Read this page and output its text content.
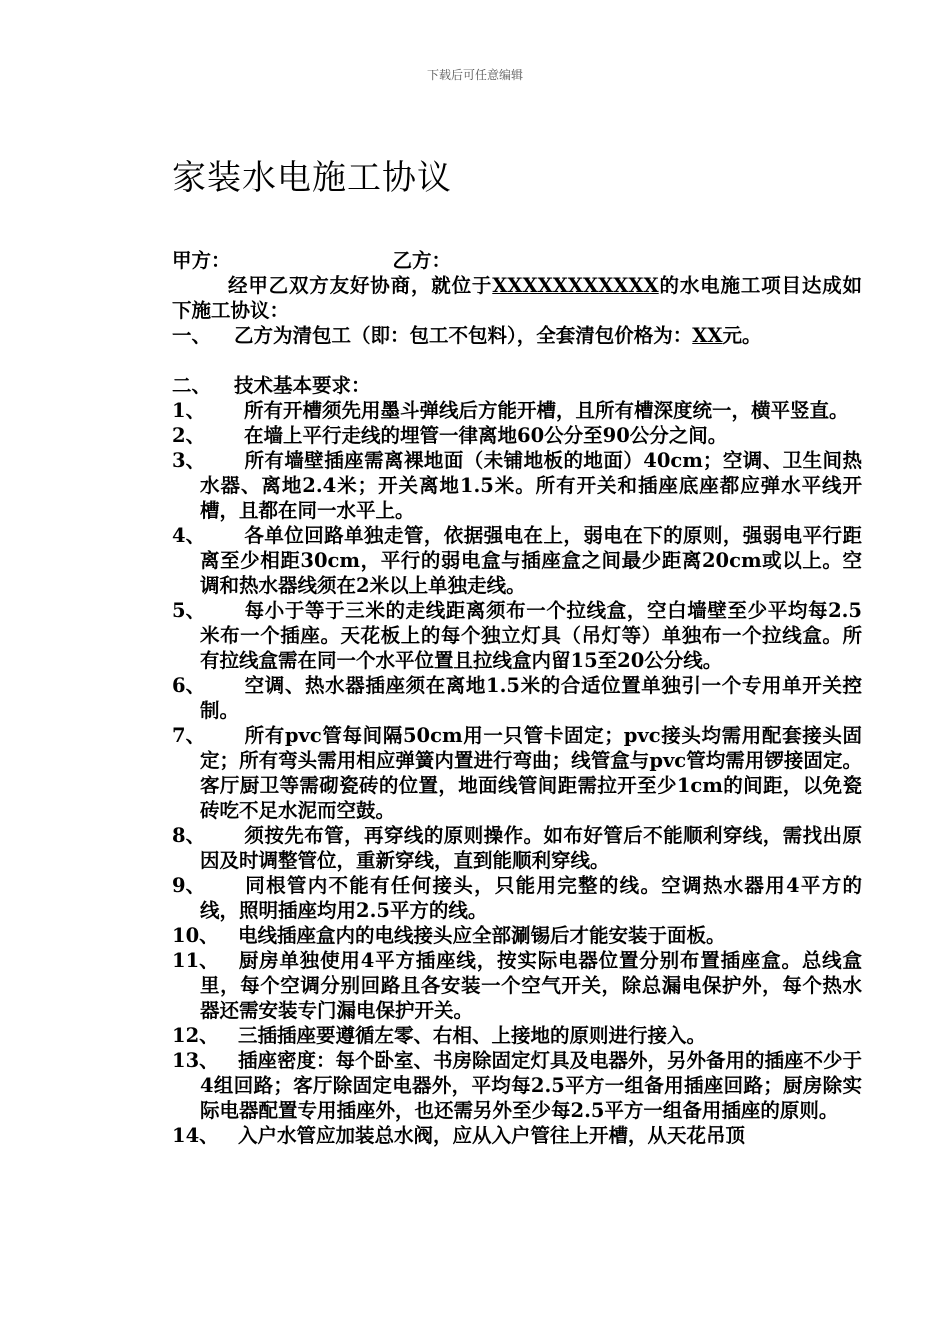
下载后可任意编辑
家装水电施工协议
甲方：	乙方：
经甲乙双方友好协商，就位于XXXXXXXXXXX的水电施工项目达成如下施工协议：
一、	乙方为清包工（即：包工不包料），全套清包价格为：XX元。
二、	技术基本要求：
1、 所有开槽须先用墨斗弹线后方能开槽，且所有槽深度统一，横平竖直。
2、 在墙上平行走线的埋管一律离地60公分至90公分之间。
3、 所有墙壁插座需离裸地面（未铺地板的地面）40cm；空调、卫生间热水器、离地2.4米；开关离地1.5米。所有开关和插座底座都应弹水平线开槽，且都在同一水平上。
4、 各单位回路单独走管，依据强电在上，弱电在下的原则，强弱电平行距离至少相距30cm，平行的弱电盒与插座盒之间最少距离20cm或以上。空调和热水器线须在2米以上单独走线。
5、 每小于等于三米的走线距离须布一个拉线盒，空白墙壁至少平均每2.5米布一个插座。天花板上的每个独立灯具（吊灯等）单独布一个拉线盒。所有拉线盒需在同一个水平位置且拉线盒内留15至20公分线。
6、 空调、热水器插座须在离地1.5米的合适位置单独引一个专用单开关控制。
7、 所有pvc管每间隔50cm用一只管卡固定；pvc接头均需用配套接头固定；所有弯头需用相应弹簧内置进行弯曲；线管盒与pvc管均需用锣接固定。客厅厨卫等需砌瓷砖的位置，地面线管间距需拉开至少1cm的间距，以免瓷砖吃不足水泥而空鼓。
8、 须按先布管，再穿线的原则操作。如布好管后不能顺利穿线，需找出原因及时调整管位，重新穿线，直到能顺利穿线。
9、 同根管内不能有任何接头，只能用完整的线。空调热水器用4平方的线，照明插座均用2.5平方的线。
10、 电线插座盒内的电线接头应全部涮锡后才能安装于面板。
11、 厨房单独使用4平方插座线，按实际电器位置分别布置插座盒。总线盒里，每个空调分别回路且各安装一个空气开关，除总漏电保护外，每个热水器还需安装专门漏电保护开关。
12、 三插插座要遵循左零、右相、上接地的原则进行接入。
13、 插座密度：每个卧室、书房除固定灯具及电器外，另外备用的插座不少于4组回路；客厅除固定电器外，平均每2.5平方一组备用插座回路；厨房除实际电器配置专用插座外，也还需另外至少每2.5平方一组备用插座的原则。
14、 入户水管应加装总水阀，应从入户管往上开槽，从天花吊顶
